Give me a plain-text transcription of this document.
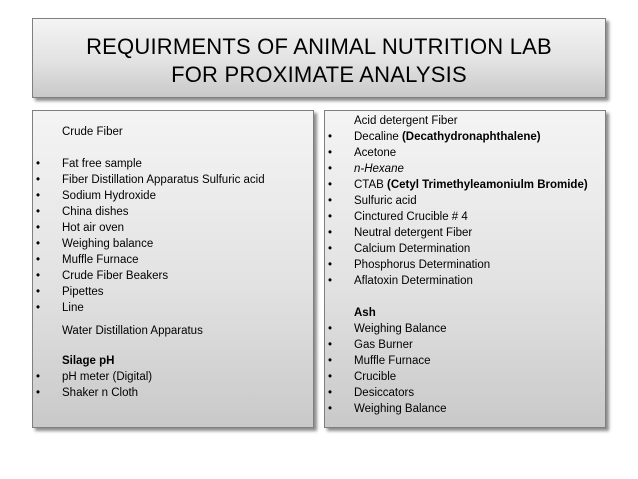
REQUIRMENTS OF ANIMAL NUTRITION LAB
FOR PROXIMATE ANALYSIS
Crude Fiber
• Fat free sample
• Fiber Distillation Apparatus Sulfuric acid
• Sodium Hydroxide
• China dishes
• Hot air oven
• Weighing balance
• Muffle Furnace
• Crude Fiber Beakers
• Pipettes
• Line
Water Distillation Apparatus
Silage pH
• pH meter (Digital)
• Shaker n Cloth
Acid detergent Fiber
• Decaline (Decathydronaphthalene)
• Acetone
• n-Hexane
• CTAB (Cetyl Trimethyleamoniulm Bromide)
• Sulfuric acid
• Cinctured Crucible # 4
• Neutral detergent Fiber
• Calcium Determination
• Phosphorus Determination
• Aflatoxin Determination
Ash
• Weighing Balance
• Gas Burner
• Muffle Furnace
• Crucible
• Desiccators
• Weighing Balance
